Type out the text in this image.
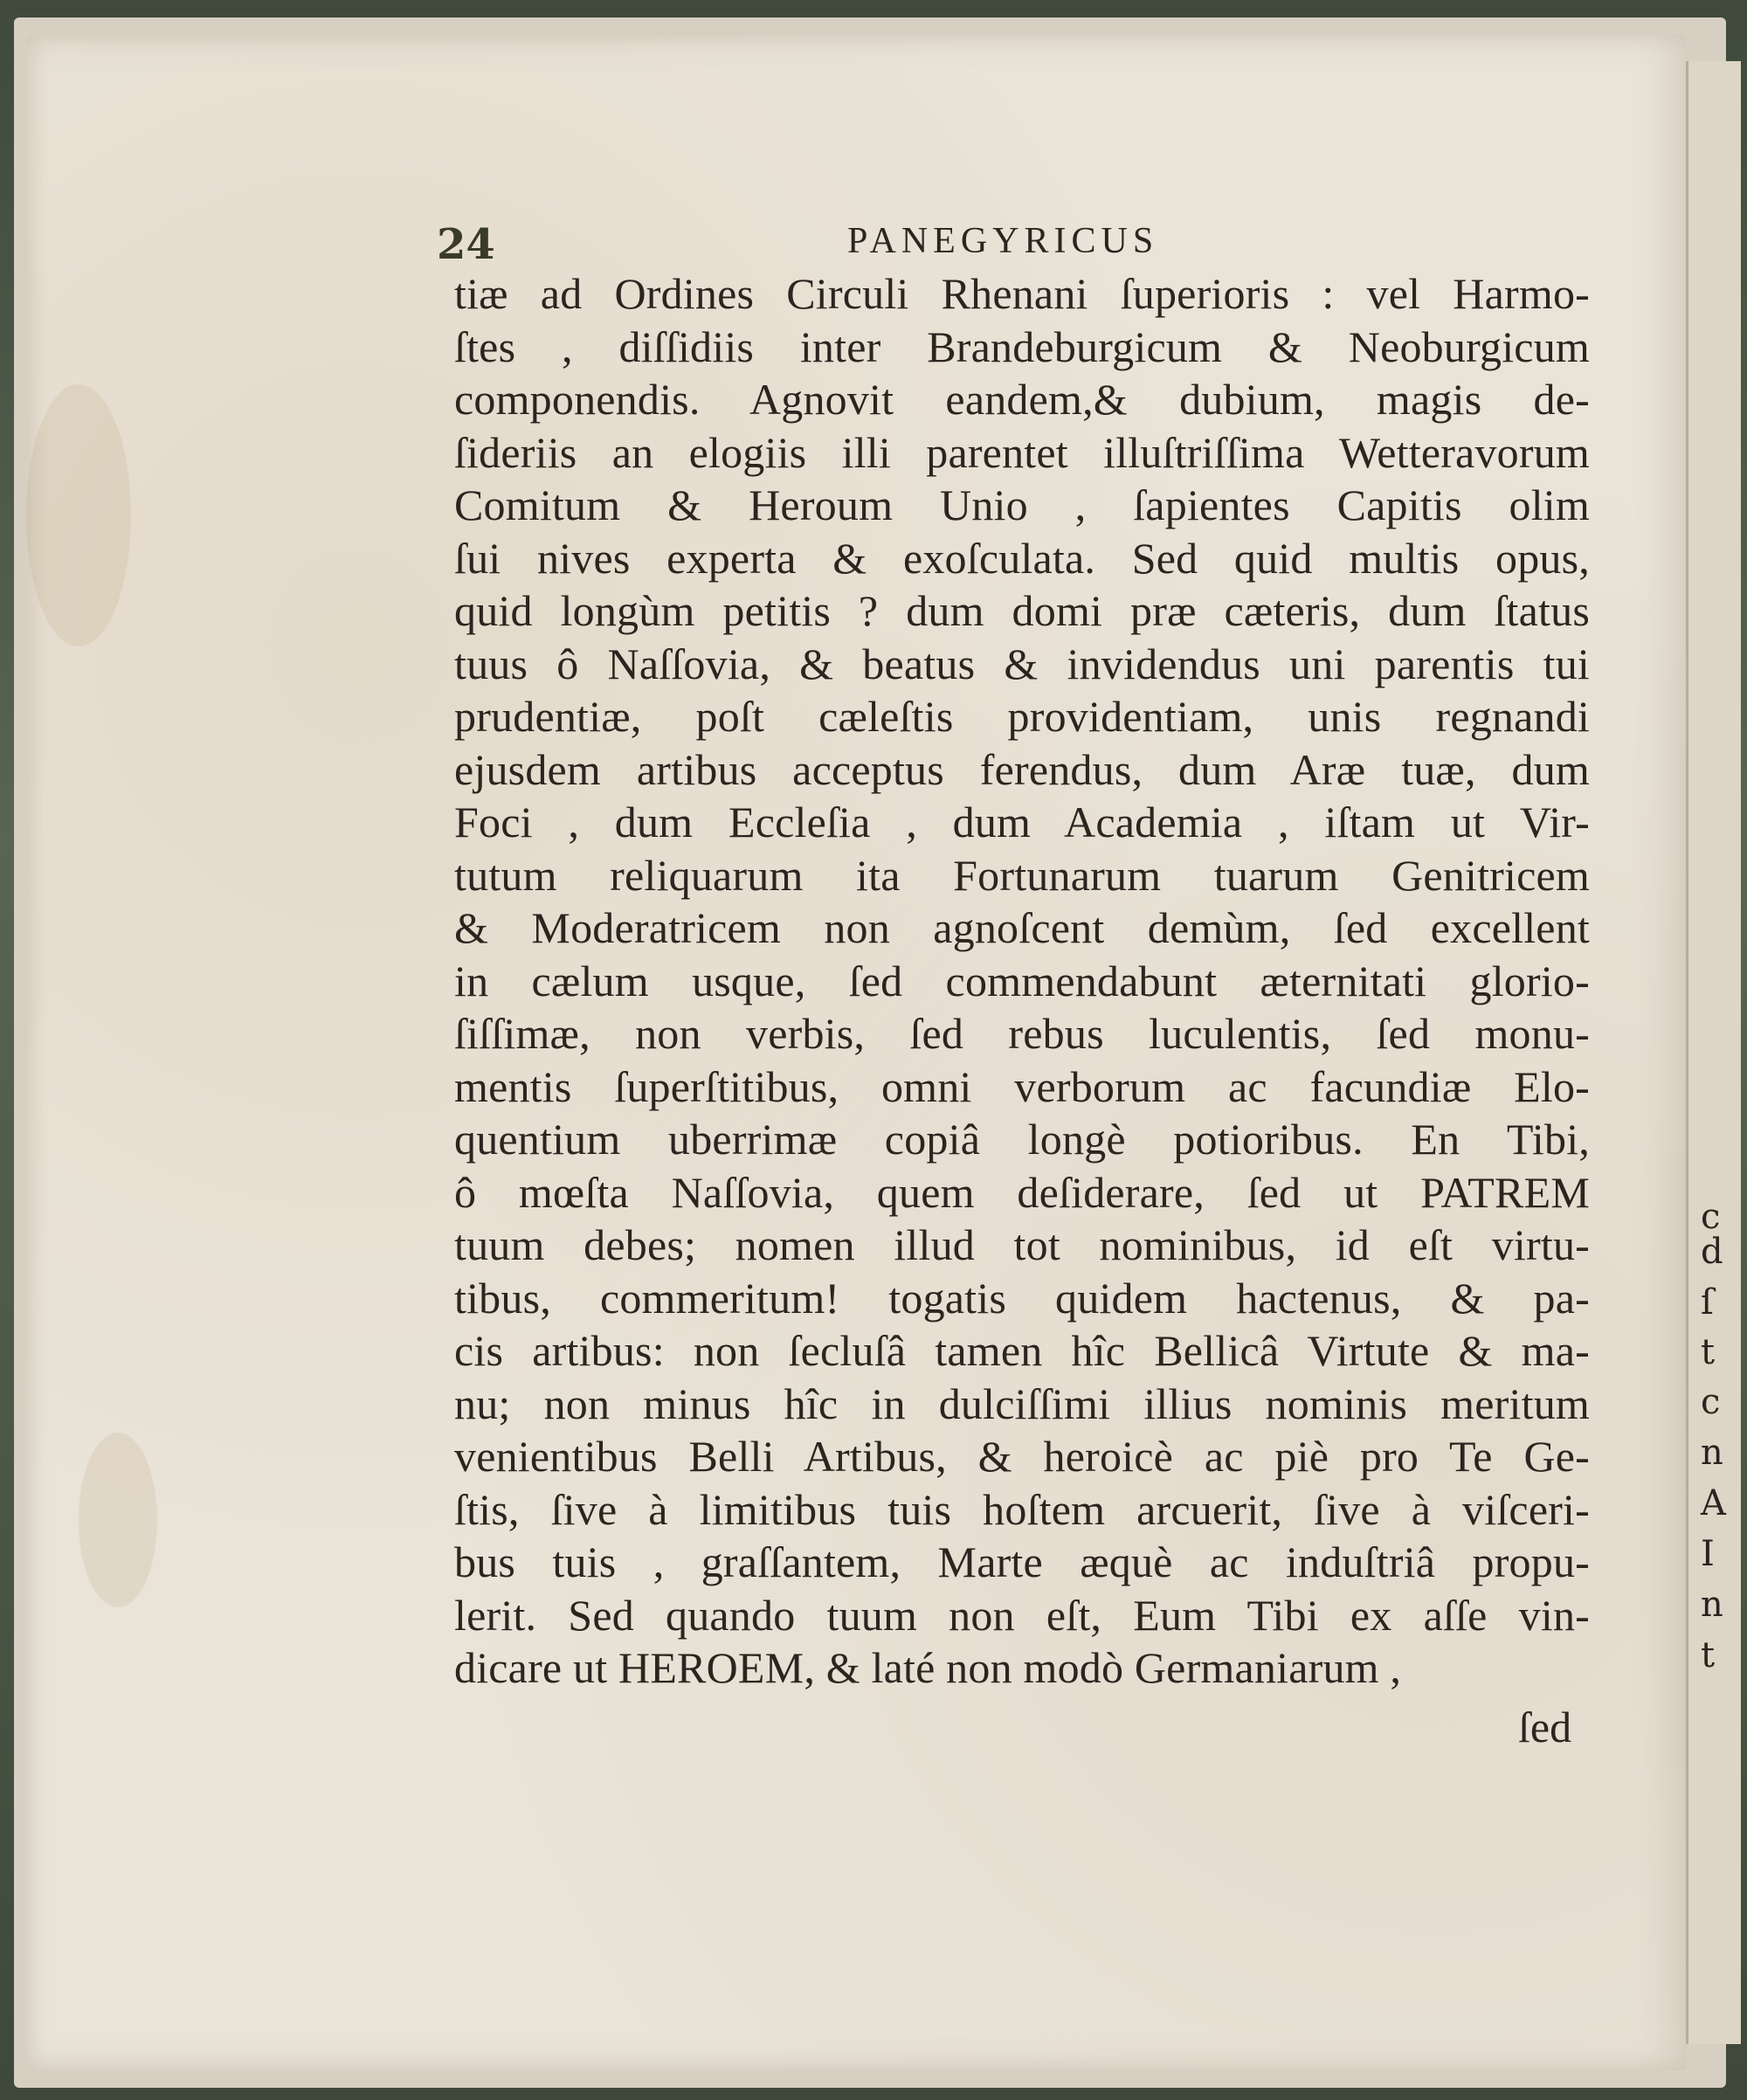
c
d
ſ
t
c
n
A
I
n
t
24	PANEGYRICUS
tiæ ad Ordines Circuli Rhenani ſuperioris : vel Harmo-
ſtes , diſſidiis inter Brandeburgicum & Neoburgicum
componendis. Agnovit eandem,& dubium, magis de-
ſideriis an elogiis illi parentet illuſtriſſima Wetteravorum
Comitum & Heroum Unio , ſapientes Capitis olim
ſui nives experta & exoſculata. Sed quid multis opus,
quid longùm petitis ? dum domi præ cæteris, dum ſtatus
tuus ô Naſſovia, & beatus & invidendus uni parentis tui
prudentiæ, poſt cæleſtis providentiam, unis regnandi
ejusdem artibus acceptus ferendus, dum Aræ tuæ, dum
Foci , dum Eccleſia , dum Academia , iſtam ut Vir-
tutum reliquarum ita Fortunarum tuarum Genitricem
& Moderatricem non agnoſcent demùm, ſed excellent
in cælum usque, ſed commendabunt æternitati glorio-
ſiſſimæ, non verbis, ſed rebus luculentis, ſed monu-
mentis ſuperſtitibus, omni verborum ac facundiæ Elo-
quentium uberrimæ copiâ longè potioribus. En Tibi,
ô mœſta Naſſovia, quem deſiderare, ſed ut PATREM
tuum debes; nomen illud tot nominibus, id eſt virtu-
tibus, commeritum! togatis quidem hactenus, & pa-
cis artibus: non ſecluſâ tamen hîc Bellicâ Virtute & ma-
nu; non minus hîc in dulciſſimi illius nominis meritum
venientibus Belli Artibus, & heroicè ac piè pro Te Ge-
ſtis, ſive à limitibus tuis hoſtem arcuerit, ſive à viſceri-
bus tuis , graſſantem, Marte æquè ac induſtriâ propu-
lerit. Sed quando tuum non eſt, Eum Tibi ex aſſe vin-
dicare ut HEROEM, & laté non modò Germaniarum ,
ſed
